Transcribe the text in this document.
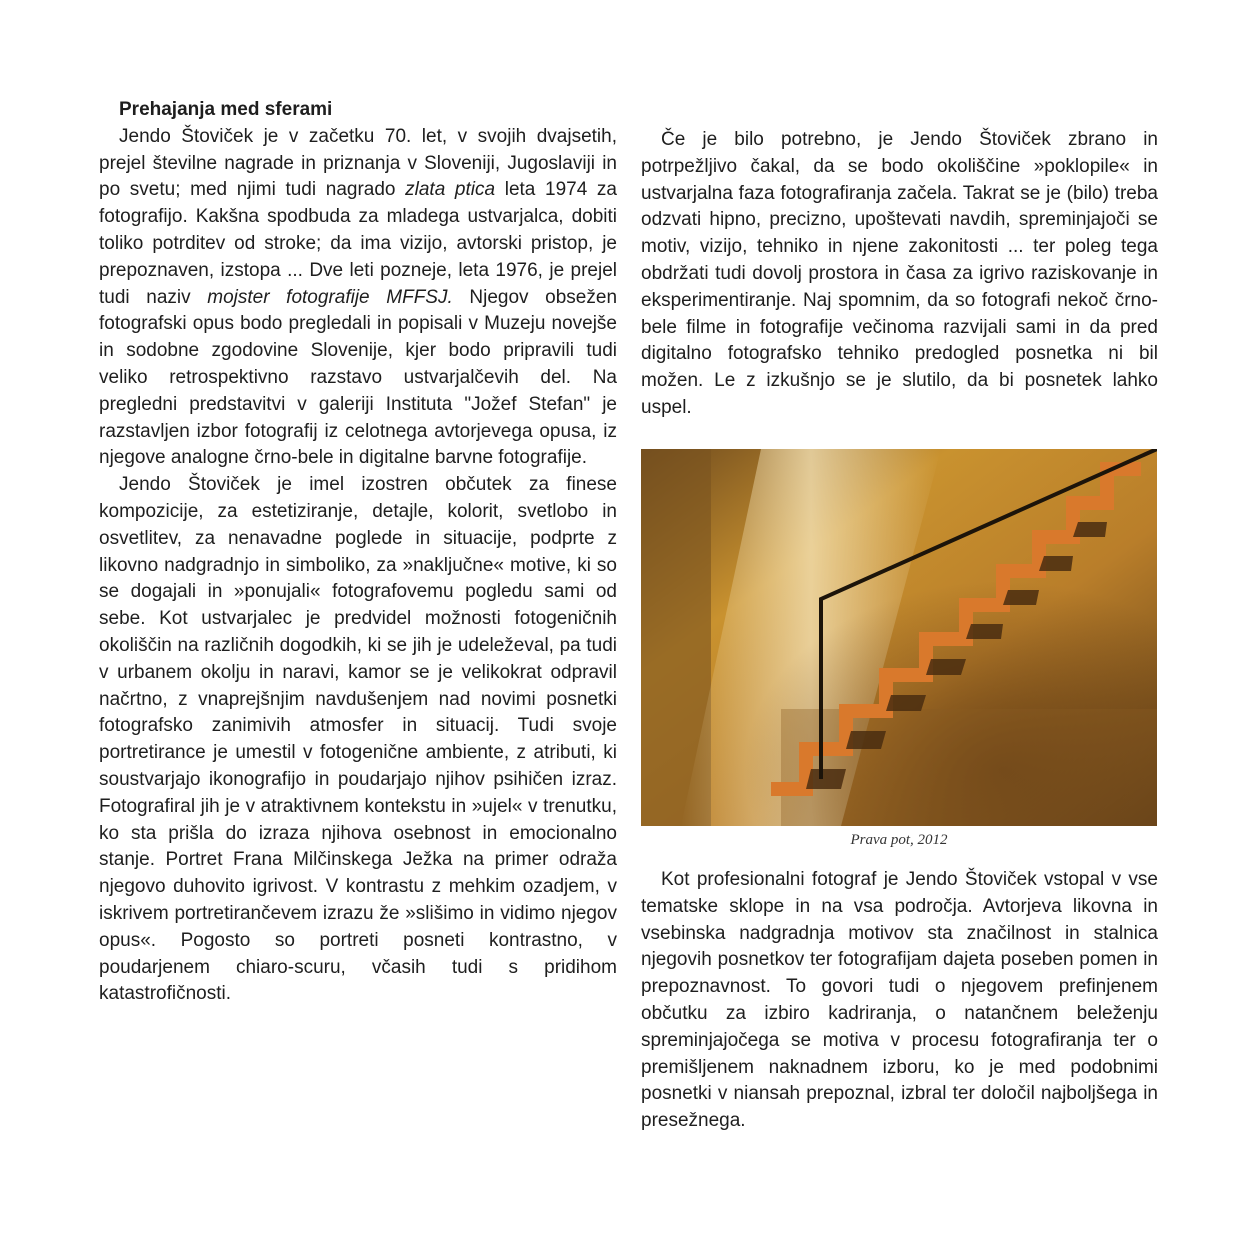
Prehajanja med sferami

Jendo Štoviček je v začetku 70. let, v svojih dvajsetih, prejel številne nagrade in priznanja v Sloveniji, Jugoslaviji in po svetu; med njimi tudi nagrado zlata ptica leta 1974 za fotografijo. Kakšna spodbuda za mladega ustvarjalca, dobiti toliko potrditev od stroke; da ima vizijo, avtorski pristop, je prepoznaven, izstopa ... Dve leti pozneje, leta 1976, je prejel tudi naziv mojster fotografije MFFSJ. Njegov obsežen fotografski opus bodo pregledali in popisali v Muzeju novejše in sodobne zgodovine Slovenije, kjer bodo pripravili tudi veliko retrospektivno razstavo ustvarjalčevih del. Na pregledni predstavitvi v galeriji Instituta "Jožef Stefan" je razstavljen izbor fotografij iz celotnega avtorjevega opusa, iz njegove analogne črno-bele in digitalne barvne fotografije.

Jendo Štoviček je imel izostren občutek za finese kompozicije, za estetiziranje, detajle, kolorit, svetlobo in osvetlitev, za nenavadne poglede in situacije, podprte z likovno nadgradnjo in simboliko, za »naključne« motive, ki so se dogajali in »ponujali« fotografovemu pogledu sami od sebe. Kot ustvarjalec je predvidel možnosti fotogeničnih okoliščin na različnih dogodkih, ki se jih je udeleževal, pa tudi v urbanem okolju in naravi, kamor se je velikokrat odpravil načrtno, z vnaprejšnjim navdušenjem nad novimi posnetki fotografsko zanimivih atmosfer in situacij. Tudi svoje portretirance je umestil v fotogenične ambiente, z atributi, ki soustvarjajo ikonografijo in poudarjajo njihov psihičen izraz. Fotografiral jih je v atraktivnem kontekstu in »ujel« v trenutku, ko sta prišla do izraza njihova osebnost in emocionalno stanje. Portret Frana Milčinskega Ježka na primer odraža njegovo duhovito igrivost. V kontrastu z mehkim ozadjem, v iskrivem portretirančevem izrazu že »slišimo in vidimo njegov opus«. Pogosto so portreti posneti kontrastno, v poudarjenem chiaro-scuru, včasih tudi s pridihom katastrofičnosti.

Če je bilo potrebno, je Jendo Štoviček zbrano in potrpežljivo čakal, da se bodo okoliščine »poklopile« in ustvarjalna faza fotografiranja začela. Takrat se je (bilo) treba odzvati hipno, precizno, upoštevati navdih, spreminjajoči se motiv, vizijo, tehniko in njene zakonitosti ... ter poleg tega obdržati tudi dovolj prostora in časa za igrivo raziskovanje in eksperimentiranje. Naj spomnim, da so fotografi nekoč črno-bele filme in fotografije večinoma razvijali sami in da pred digitalno fotografsko tehniko predogled posnetka ni bil možen. Le z izkušnjo se je slutilo, da bi posnetek lahko uspel.

Prava pot, 2012

Kot profesionalni fotograf je Jendo Štoviček vstopal v vse tematske sklope in na vsa področja. Avtorjeva likovna in vsebinska nadgradnja motivov sta značilnost in stalnica njegovih posnetkov ter fotografijam dajeta poseben pomen in prepoznavnost. To govori tudi o njegovem prefinjenem občutku za izbiro kadriranja, o natančnem beleženju spreminjajočega se motiva v procesu fotografiranja ter o premišljenem naknadnem izboru, ko je med podobnimi posnetki v niansah prepoznal, izbral ter določil najboljšega in presežnega.
